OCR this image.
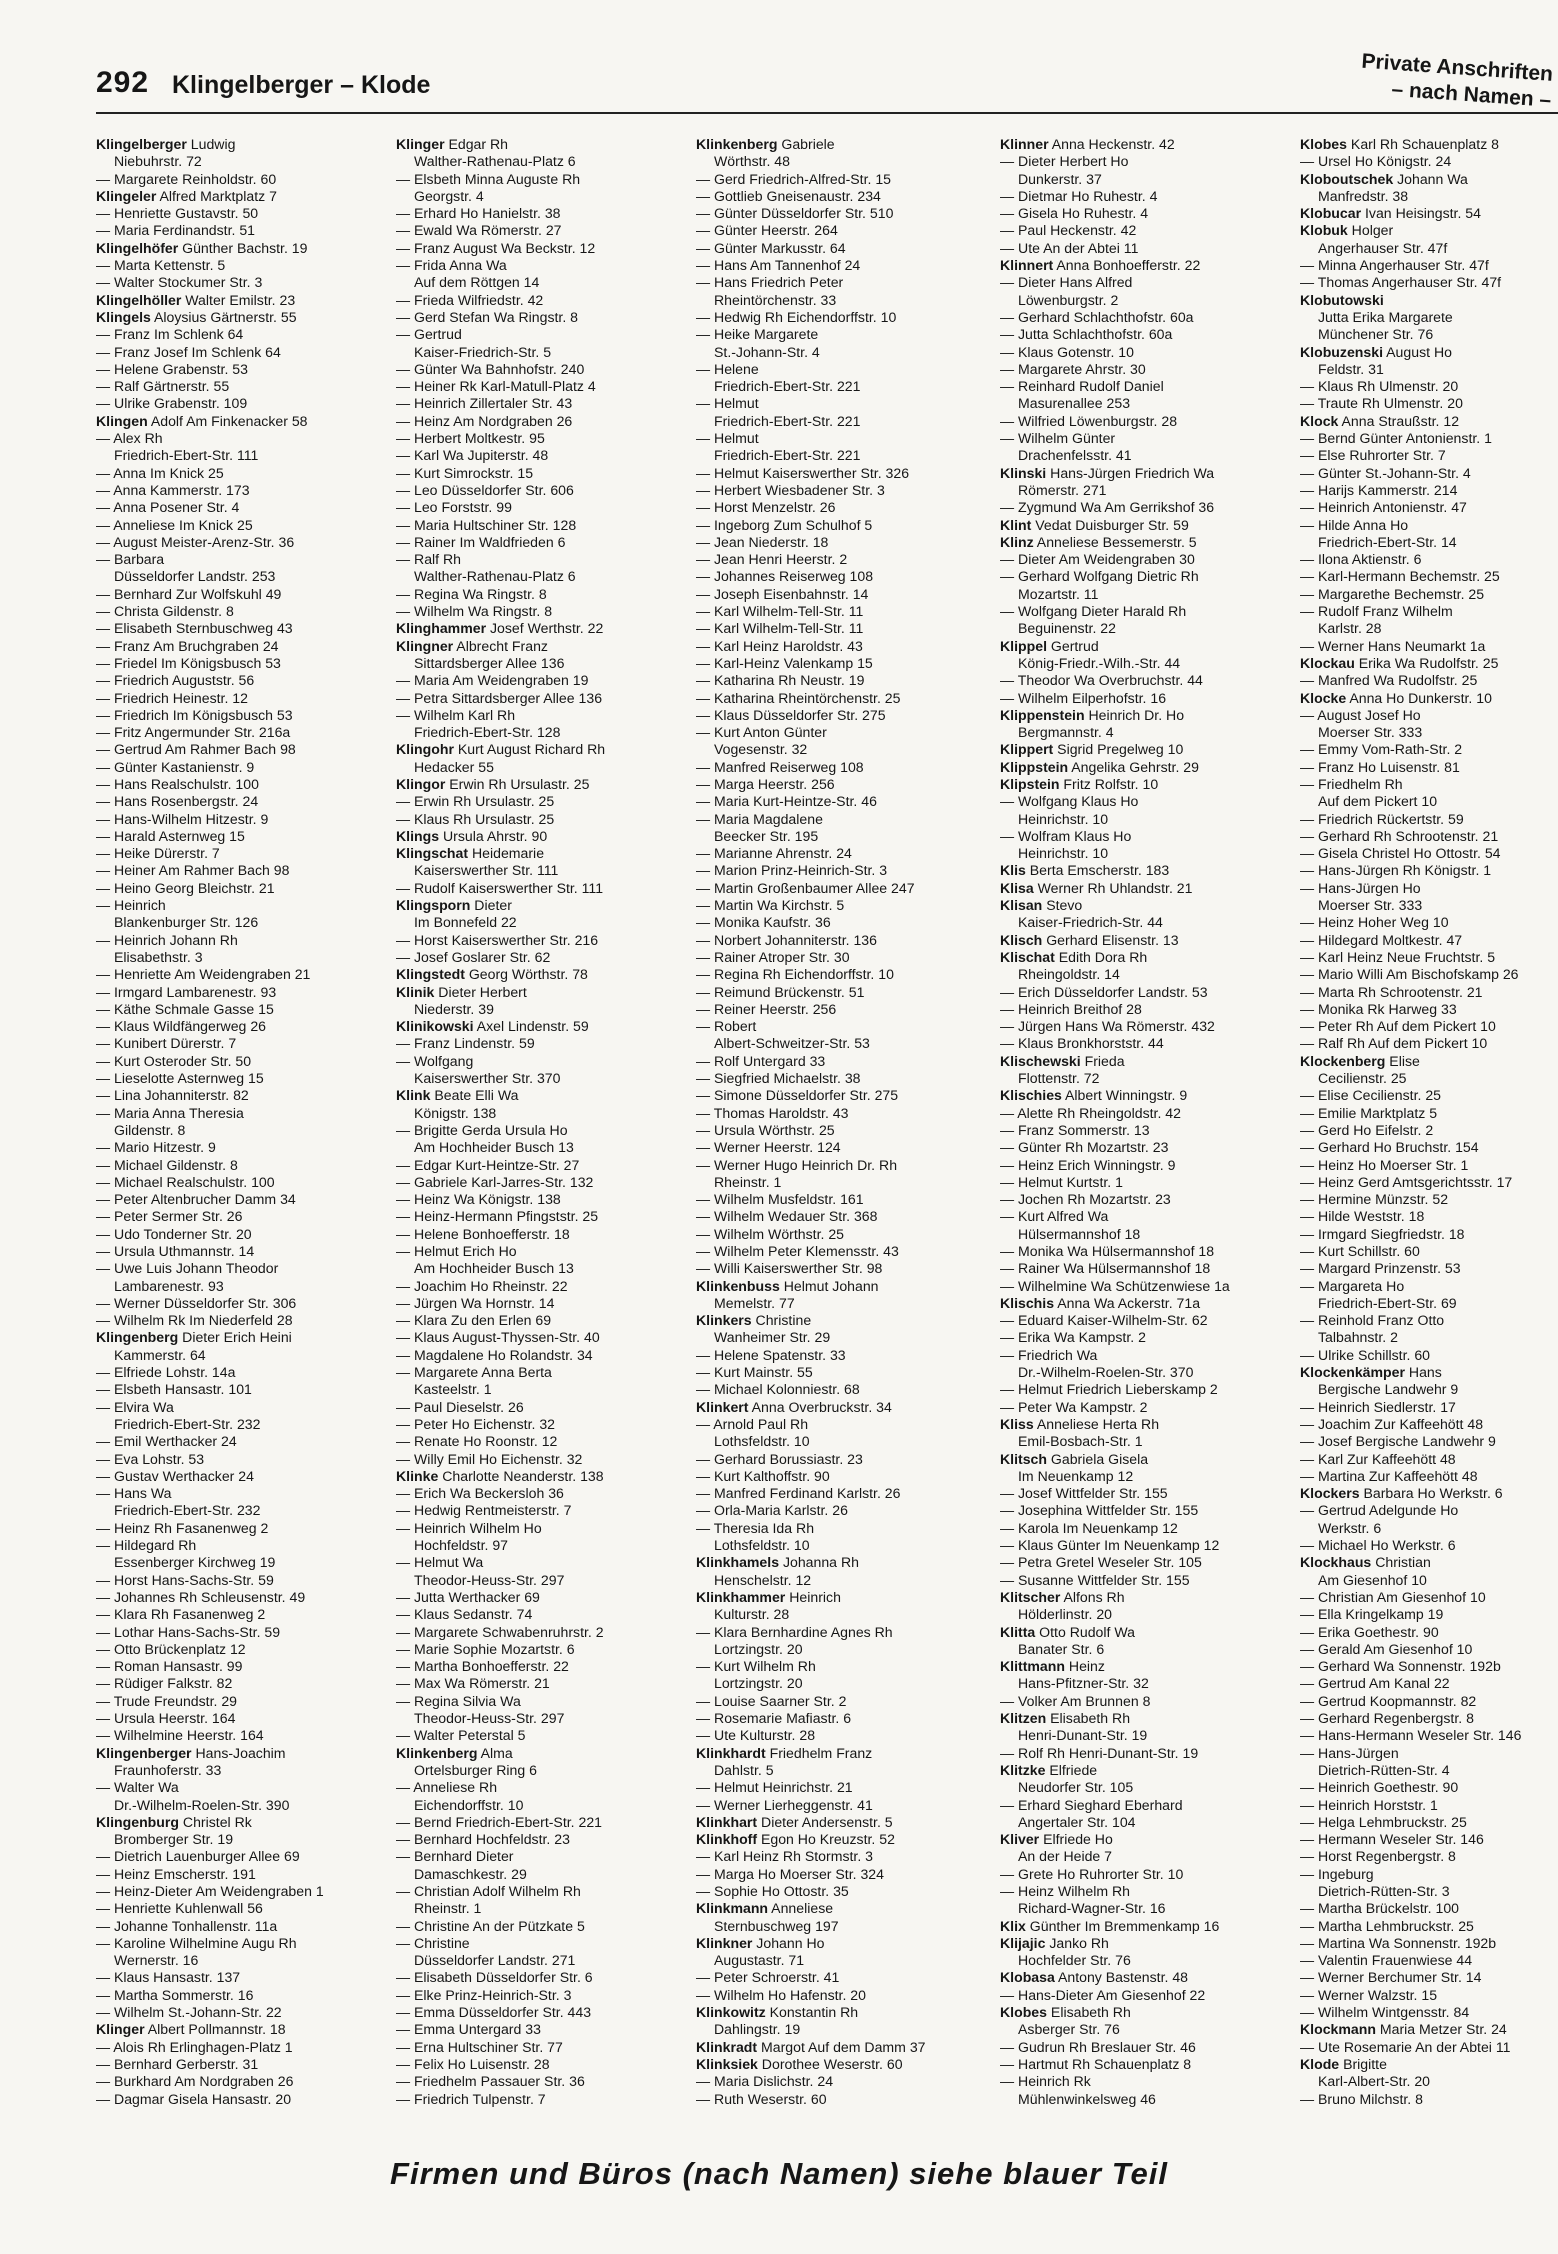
292 Klingelberger – Klode	Private Anschriften
– nach Namen –
Klingelberger Ludwig
Niebuhrstr. 72
— Margarete Reinholdstr. 60
Klingeler Alfred Marktplatz 7
— Henriette Gustavstr. 50
— Maria Ferdinandstr. 51
Klingelhöfer Günther Bachstr. 19
— Marta Kettenstr. 5
— Walter Stockumer Str. 3
Klingelhöller Walter Emilstr. 23
Klingels Aloysius Gärtnerstr. 55
— Franz Im Schlenk 64
— Franz Josef Im Schlenk 64
— Helene Grabenstr. 53
— Ralf Gärtnerstr. 55
— Ulrike Grabenstr. 109
Klingen Adolf Am Finkenacker 58
— Alex Rh
Friedrich-Ebert-Str. 111
— Anna Im Knick 25
— Anna Kammerstr. 173
— Anna Posener Str. 4
— Anneliese Im Knick 25
— August Meister-Arenz-Str. 36
— Barbara
Düsseldorfer Landstr. 253
— Bernhard Zur Wolfskuhl 49
— Christa Gildenstr. 8
— Elisabeth Sternbuschweg 43
— Franz Am Bruchgraben 24
— Friedel Im Königsbusch 53
— Friedrich Auguststr. 56
— Friedrich Heinestr. 12
— Friedrich Im Königsbusch 53
— Fritz Angermunder Str. 216a
— Gertrud Am Rahmer Bach 98
— Günter Kastanienstr. 9
— Hans Realschulstr. 100
— Hans Rosenbergstr. 24
— Hans-Wilhelm Hitzestr. 9
— Harald Asternweg 15
— Heike Dürerstr. 7
— Heiner Am Rahmer Bach 98
— Heino Georg Bleichstr. 21
— Heinrich
Blankenburger Str. 126
— Heinrich Johann Rh
Elisabethstr. 3
— Henriette Am Weidengraben 21
— Irmgard Lambarenestr. 93
— Käthe Schmale Gasse 15
— Klaus Wildfängerweg 26
— Kunibert Dürerstr. 7
— Kurt Osteroder Str. 50
— Lieselotte Asternweg 15
— Lina Johanniterstr. 82
— Maria Anna Theresia
Gildenstr. 8
— Mario Hitzestr. 9
— Michael Gildenstr. 8
— Michael Realschulstr. 100
— Peter Altenbrucher Damm 34
— Peter Sermer Str. 26
— Udo Tonderner Str. 20
— Ursula Uthmannstr. 14
— Uwe Luis Johann Theodor
Lambarenestr. 93
— Werner Düsseldorfer Str. 306
— Wilhelm Rk Im Niederfeld 28
Klingenberg Dieter Erich Heini
Kammerstr. 64
— Elfriede Lohstr. 14a
— Elsbeth Hansastr. 101
— Elvira Wa
Friedrich-Ebert-Str. 232
— Emil Werthacker 24
— Eva Lohstr. 53
— Gustav Werthacker 24
— Hans Wa
Friedrich-Ebert-Str. 232
— Heinz Rh Fasanenweg 2
— Hildegard Rh
Essenberger Kirchweg 19
— Horst Hans-Sachs-Str. 59
— Johannes Rh Schleusenstr. 49
— Klara Rh Fasanenweg 2
— Lothar Hans-Sachs-Str. 59
— Otto Brückenplatz 12
— Roman Hansastr. 99
— Rüdiger Falkstr. 82
— Trude Freundstr. 29
— Ursula Heerstr. 164
— Wilhelmine Heerstr. 164
Klingenberger Hans-Joachim
Fraunhoferstr. 33
— Walter Wa
Dr.-Wilhelm-Roelen-Str. 390
Klingenburg Christel Rk
Bromberger Str. 19
— Dietrich Lauenburger Allee 69
— Heinz Emscherstr. 191
— Heinz-Dieter Am Weidengraben 1
— Henriette Kuhlenwall 56
— Johanne Tonhallenstr. 11a
— Karoline Wilhelmine Augu Rh
Wernerstr. 16
— Klaus Hansastr. 137
— Martha Sommerstr. 16
— Wilhelm St.-Johann-Str. 22
Klinger Albert Pollmannstr. 18
— Alois Rh Erlinghagen-Platz 1
— Bernhard Gerberstr. 31
— Burkhard Am Nordgraben 26
— Dagmar Gisela Hansastr. 20
Klinger Edgar Rh
Walther-Rathenau-Platz 6
— Elsbeth Minna Auguste Rh
Georgstr. 4
— Erhard Ho Hanielstr. 38
— Ewald Wa Römerstr. 27
— Franz August Wa Beckstr. 12
— Frida Anna Wa
Auf dem Röttgen 14
— Frieda Wilfriedstr. 42
— Gerd Stefan Wa Ringstr. 8
— Gertrud
Kaiser-Friedrich-Str. 5
— Günter Wa Bahnhofstr. 240
— Heiner Rk Karl-Matull-Platz 4
— Heinrich Zillertaler Str. 43
— Heinz Am Nordgraben 26
— Herbert Moltkestr. 95
— Karl Wa Jupiterstr. 48
— Kurt Simrockstr. 15
— Leo Düsseldorfer Str. 606
— Leo Forststr. 99
— Maria Hultschiner Str. 128
— Rainer Im Waldfrieden 6
— Ralf Rh
Walther-Rathenau-Platz 6
— Regina Wa Ringstr. 8
— Wilhelm Wa Ringstr. 8
Klinghammer Josef Werthstr. 22
Klingner Albrecht Franz
Sittardsberger Allee 136
— Maria Am Weidengraben 19
— Petra Sittardsberger Allee 136
— Wilhelm Karl Rh
Friedrich-Ebert-Str. 128
Klingohr Kurt August Richard Rh
Hedacker 55
Klingor Erwin Rh Ursulastr. 25
— Erwin Rh Ursulastr. 25
— Klaus Rh Ursulastr. 25
Klings Ursula Ahrstr. 90
Klingschat Heidemarie
Kaiserswerther Str. 111
— Rudolf Kaiserswerther Str. 111
Klingsporn Dieter
Im Bonnefeld 22
— Horst Kaiserswerther Str. 216
— Josef Goslarer Str. 62
Klingstedt Georg Wörthstr. 78
Klinik Dieter Herbert
Niederstr. 39
Klinikowski Axel Lindenstr. 59
— Franz Lindenstr. 59
— Wolfgang
Kaiserswerther Str. 370
Klink Beate Elli Wa
Königstr. 138
— Brigitte Gerda Ursula Ho
Am Hochheider Busch 13
— Edgar Kurt-Heintze-Str. 27
— Gabriele Karl-Jarres-Str. 132
— Heinz Wa Königstr. 138
— Heinz-Hermann Pfingststr. 25
— Helene Bonhoefferstr. 18
— Helmut Erich Ho
Am Hochheider Busch 13
— Joachim Ho Rheinstr. 22
— Jürgen Wa Hornstr. 14
— Klara Zu den Erlen 69
— Klaus August-Thyssen-Str. 40
— Magdalene Ho Rolandstr. 34
— Margarete Anna Berta
Kasteelstr. 1
— Paul Dieselstr. 26
— Peter Ho Eichenstr. 32
— Renate Ho Roonstr. 12
— Willy Emil Ho Eichenstr. 32
Klinke Charlotte Neanderstr. 138
— Erich Wa Beckersloh 36
— Hedwig Rentmeisterstr. 7
— Heinrich Wilhelm Ho
Hochfeldstr. 97
— Helmut Wa
Theodor-Heuss-Str. 297
— Jutta Werthacker 69
— Klaus Sedanstr. 74
— Margarete Schwabenruhrstr. 2
— Marie Sophie Mozartstr. 6
— Martha Bonhoefferstr. 22
— Max Wa Römerstr. 21
— Regina Silvia Wa
Theodor-Heuss-Str. 297
— Walter Peterstal 5
Klinkenberg Alma
Ortelsburger Ring 6
— Anneliese Rh
Eichendorffstr. 10
— Bernd Friedrich-Ebert-Str. 221
— Bernhard Hochfeldstr. 23
— Bernhard Dieter
Damaschkestr. 29
— Christian Adolf Wilhelm Rh
Rheinstr. 1
— Christine An der Pützkate 5
— Christine
Düsseldorfer Landstr. 271
— Elisabeth Düsseldorfer Str. 6
— Elke Prinz-Heinrich-Str. 3
— Emma Düsseldorfer Str. 443
— Emma Untergard 33
— Erna Hultschiner Str. 77
— Felix Ho Luisenstr. 28
— Friedhelm Passauer Str. 36
— Friedrich Tulpenstr. 7
Klinkenberg Gabriele
Wörthstr. 48
— Gerd Friedrich-Alfred-Str. 15
— Gottlieb Gneisenaustr. 234
— Günter Düsseldorfer Str. 510
— Günter Heerstr. 264
— Günter Markusstr. 64
— Hans Am Tannenhof 24
— Hans Friedrich Peter
Rheintörchenstr. 33
— Hedwig Rh Eichendorffstr. 10
— Heike Margarete
St.-Johann-Str. 4
— Helene
Friedrich-Ebert-Str. 221
— Helmut
Friedrich-Ebert-Str. 221
— Helmut
Friedrich-Ebert-Str. 221
— Helmut Kaiserswerther Str. 326
— Herbert Wiesbadener Str. 3
— Horst Menzelstr. 26
— Ingeborg Zum Schulhof 5
— Jean Niederstr. 18
— Jean Henri Heerstr. 2
— Johannes Reiserweg 108
— Joseph Eisenbahnstr. 14
— Karl Wilhelm-Tell-Str. 11
— Karl Wilhelm-Tell-Str. 11
— Karl Heinz Haroldstr. 43
— Karl-Heinz Valenkamp 15
— Katharina Rh Neustr. 19
— Katharina Rheintörchenstr. 25
— Klaus Düsseldorfer Str. 275
— Kurt Anton Günter
Vogesenstr. 32
— Manfred Reiserweg 108
— Marga Heerstr. 256
— Maria Kurt-Heintze-Str. 46
— Maria Magdalene
Beecker Str. 195
— Marianne Ahrenstr. 24
— Marion Prinz-Heinrich-Str. 3
— Martin Großenbaumer Allee 247
— Martin Wa Kirchstr. 5
— Monika Kaufstr. 36
— Norbert Johanniterstr. 136
— Rainer Atroper Str. 30
— Regina Rh Eichendorffstr. 10
— Reimund Brückenstr. 51
— Reiner Heerstr. 256
— Robert
Albert-Schweitzer-Str. 53
— Rolf Untergard 33
— Siegfried Michaelstr. 38
— Simone Düsseldorfer Str. 275
— Thomas Haroldstr. 43
— Ursula Wörthstr. 25
— Werner Heerstr. 124
— Werner Hugo Heinrich Dr. Rh
Rheinstr. 1
— Wilhelm Musfeldstr. 161
— Wilhelm Wedauer Str. 368
— Wilhelm Wörthstr. 25
— Wilhelm Peter Klemensstr. 43
— Willi Kaiserswerther Str. 98
Klinkenbuss Helmut Johann
Memelstr. 77
Klinkers Christine
Wanheimer Str. 29
— Helene Spatenstr. 33
— Kurt Mainstr. 55
— Michael Kolonniestr. 68
Klinkert Anna Overbruckstr. 34
— Arnold Paul Rh
Lothsfeldstr. 10
— Gerhard Borussiastr. 23
— Kurt Kalthoffstr. 90
— Manfred Ferdinand Karlstr. 26
— Orla-Maria Karlstr. 26
— Theresia Ida Rh
Lothsfeldstr. 10
Klinkhamels Johanna Rh
Henschelstr. 12
Klinkhammer Heinrich
Kulturstr. 28
— Klara Bernhardine Agnes Rh
Lortzingstr. 20
— Kurt Wilhelm Rh
Lortzingstr. 20
— Louise Saarner Str. 2
— Rosemarie Mafiastr. 6
— Ute Kulturstr. 28
Klinkhardt Friedhelm Franz
Dahlstr. 5
— Helmut Heinrichstr. 21
— Werner Lierheggenstr. 41
Klinkhart Dieter Andersenstr. 5
Klinkhoff Egon Ho Kreuzstr. 52
— Karl Heinz Rh Stormstr. 3
— Marga Ho Moerser Str. 324
— Sophie Ho Ottostr. 35
Klinkmann Anneliese
Sternbuschweg 197
Klinkner Johann Ho
Augustastr. 71
— Peter Schroerstr. 41
— Wilhelm Ho Hafenstr. 20
Klinkowitz Konstantin Rh
Dahlingstr. 19
Klinkradt Margot Auf dem Damm 37
Klinksiek Dorothee Weserstr. 60
— Maria Dislichstr. 24
— Ruth Weserstr. 60
Klinner Anna Heckenstr. 42
— Dieter Herbert Ho
Dunkerstr. 37
— Dietmar Ho Ruhestr. 4
— Gisela Ho Ruhestr. 4
— Paul Heckenstr. 42
— Ute An der Abtei 11
Klinnert Anna Bonhoefferstr. 22
— Dieter Hans Alfred
Löwenburgstr. 2
— Gerhard Schlachthofstr. 60a
— Jutta Schlachthofstr. 60a
— Klaus Gotenstr. 10
— Margarete Ahrstr. 30
— Reinhard Rudolf Daniel
Masurenallee 253
— Wilfried Löwenburgstr. 28
— Wilhelm Günter
Drachenfelsstr. 41
Klinski Hans-Jürgen Friedrich Wa
Römerstr. 271
— Zygmund Wa Am Gerrikshof 36
Klint Vedat Duisburger Str. 59
Klinz Anneliese Bessemerstr. 5
— Dieter Am Weidengraben 30
— Gerhard Wolfgang Dietric Rh
Mozartstr. 11
— Wolfgang Dieter Harald Rh
Beguinenstr. 22
Klippel Gertrud
König-Friedr.-Wilh.-Str. 44
— Theodor Wa Overbruchstr. 44
— Wilhelm Eilperhofstr. 16
Klippenstein Heinrich Dr. Ho
Bergmannstr. 4
Klippert Sigrid Pregelweg 10
Klippstein Angelika Gehrstr. 29
Klipstein Fritz Rolfstr. 10
— Wolfgang Klaus Ho
Heinrichstr. 10
— Wolfram Klaus Ho
Heinrichstr. 10
Klis Berta Emscherstr. 183
Klisa Werner Rh Uhlandstr. 21
Klisan Stevo
Kaiser-Friedrich-Str. 44
Klisch Gerhard Elisenstr. 13
Klischat Edith Dora Rh
Rheingoldstr. 14
— Erich Düsseldorfer Landstr. 53
— Heinrich Breithof 28
— Jürgen Hans Wa Römerstr. 432
— Klaus Bronkhorststr. 44
Klischewski Frieda
Flottenstr. 72
Klischies Albert Winningstr. 9
— Alette Rh Rheingoldstr. 42
— Franz Sommerstr. 13
— Günter Rh Mozartstr. 23
— Heinz Erich Winningstr. 9
— Helmut Kurtstr. 1
— Jochen Rh Mozartstr. 23
— Kurt Alfred Wa
Hülsermannshof 18
— Monika Wa Hülsermannshof 18
— Rainer Wa Hülsermannshof 18
— Wilhelmine Wa Schützenwiese 1a
Klischis Anna Wa Ackerstr. 71a
— Eduard Kaiser-Wilhelm-Str. 62
— Erika Wa Kampstr. 2
— Friedrich Wa
Dr.-Wilhelm-Roelen-Str. 370
— Helmut Friedrich Lieberskamp 2
— Peter Wa Kampstr. 2
Kliss Anneliese Herta Rh
Emil-Bosbach-Str. 1
Klitsch Gabriela Gisela
Im Neuenkamp 12
— Josef Wittfelder Str. 155
— Josephina Wittfelder Str. 155
— Karola Im Neuenkamp 12
— Klaus Günter Im Neuenkamp 12
— Petra Gretel Weseler Str. 105
— Susanne Wittfelder Str. 155
Klitscher Alfons Rh
Hölderlinstr. 20
Klitta Otto Rudolf Wa
Banater Str. 6
Klittmann Heinz
Hans-Pfitzner-Str. 32
— Volker Am Brunnen 8
Klitzen Elisabeth Rh
Henri-Dunant-Str. 19
— Rolf Rh Henri-Dunant-Str. 19
Klitzke Elfriede
Neudorfer Str. 105
— Erhard Sieghard Eberhard
Angertaler Str. 104
Kliver Elfriede Ho
An der Heide 7
— Grete Ho Ruhrorter Str. 10
— Heinz Wilhelm Rh
Richard-Wagner-Str. 16
Klix Günther Im Bremmenkamp 16
Klijajic Janko Rh
Hochfelder Str. 76
Klobasa Antony Bastenstr. 48
— Hans-Dieter Am Giesenhof 22
Klobes Elisabeth Rh
Asberger Str. 76
— Gudrun Rh Breslauer Str. 46
— Hartmut Rh Schauenplatz 8
— Heinrich Rk
Mühlenwinkelsweg 46
Klobes Karl Rh Schauenplatz 8
— Ursel Ho Königstr. 24
Kloboutschek Johann Wa
Manfredstr. 38
Klobucar Ivan Heisingstr. 54
Klobuk Holger
Angerhauser Str. 47f
— Minna Angerhauser Str. 47f
— Thomas Angerhauser Str. 47f
Klobutowski
Jutta Erika Margarete
Münchener Str. 76
Klobuzenski August Ho
Feldstr. 31
— Klaus Rh Ulmenstr. 20
— Traute Rh Ulmenstr. 20
Klock Anna Straußstr. 12
— Bernd Günter Antonienstr. 1
— Else Ruhrorter Str. 7
— Günter St.-Johann-Str. 4
— Harijs Kammerstr. 214
— Heinrich Antonienstr. 47
— Hilde Anna Ho
Friedrich-Ebert-Str. 14
— Ilona Aktienstr. 6
— Karl-Hermann Bechemstr. 25
— Margarethe Bechemstr. 25
— Rudolf Franz Wilhelm
Karlstr. 28
— Werner Hans Neumarkt 1a
Klockau Erika Wa Rudolfstr. 25
— Manfred Wa Rudolfstr. 25
Klocke Anna Ho Dunkerstr. 10
— August Josef Ho
Moerser Str. 333
— Emmy Vom-Rath-Str. 2
— Franz Ho Luisenstr. 81
— Friedhelm Rh
Auf dem Pickert 10
— Friedrich Rückertstr. 59
— Gerhard Rh Schrootenstr. 21
— Gisela Christel Ho Ottostr. 54
— Hans-Jürgen Rh Königstr. 1
— Hans-Jürgen Ho
Moerser Str. 333
— Heinz Hoher Weg 10
— Hildegard Moltkestr. 47
— Karl Heinz Neue Fruchtstr. 5
— Mario Willi Am Bischofskamp 26
— Marta Rh Schrootenstr. 21
— Monika Rk Harweg 33
— Peter Rh Auf dem Pickert 10
— Ralf Rh Auf dem Pickert 10
Klockenberg Elise
Cecilienstr. 25
— Elise Cecilienstr. 25
— Emilie Marktplatz 5
— Gerd Ho Eifelstr. 2
— Gerhard Ho Bruchstr. 154
— Heinz Ho Moerser Str. 1
— Heinz Gerd Amtsgerichtsstr. 17
— Hermine Münzstr. 52
— Hilde Weststr. 18
— Irmgard Siegfriedstr. 18
— Kurt Schillstr. 60
— Margard Prinzenstr. 53
— Margareta Ho
Friedrich-Ebert-Str. 69
— Reinhold Franz Otto
Talbahnstr. 2
— Ulrike Schillstr. 60
Klockenkämper Hans
Bergische Landwehr 9
— Heinrich Siedlerstr. 17
— Joachim Zur Kaffeehött 48
— Josef Bergische Landwehr 9
— Karl Zur Kaffeehött 48
— Martina Zur Kaffeehött 48
Klockers Barbara Ho Werkstr. 6
— Gertrud Adelgunde Ho
Werkstr. 6
— Michael Ho Werkstr. 6
Klockhaus Christian
Am Giesenhof 10
— Christian Am Giesenhof 10
— Ella Kringelkamp 19
— Erika Goethestr. 90
— Gerald Am Giesenhof 10
— Gerhard Wa Sonnenstr. 192b
— Gertrud Am Kanal 22
— Gertrud Koopmannstr. 82
— Gerhard Regenbergstr. 8
— Hans-Hermann Weseler Str. 146
— Hans-Jürgen
Dietrich-Rütten-Str. 4
— Heinrich Goethestr. 90
— Heinrich Horststr. 1
— Helga Lehmbruckstr. 25
— Hermann Weseler Str. 146
— Horst Regenbergstr. 8
— Ingeburg
Dietrich-Rütten-Str. 3
— Martha Brückelstr. 100
— Martha Lehmbruckstr. 25
— Martina Wa Sonnenstr. 192b
— Valentin Frauenwiese 44
— Werner Berchumer Str. 14
— Werner Walzstr. 15
— Wilhelm Wintgensstr. 84
Klockmann Maria Metzer Str. 24
— Ute Rosemarie An der Abtei 11
Klode Brigitte
Karl-Albert-Str. 20
— Bruno Milchstr. 8
Firmen und Büros (nach Namen) siehe blauer Teil
